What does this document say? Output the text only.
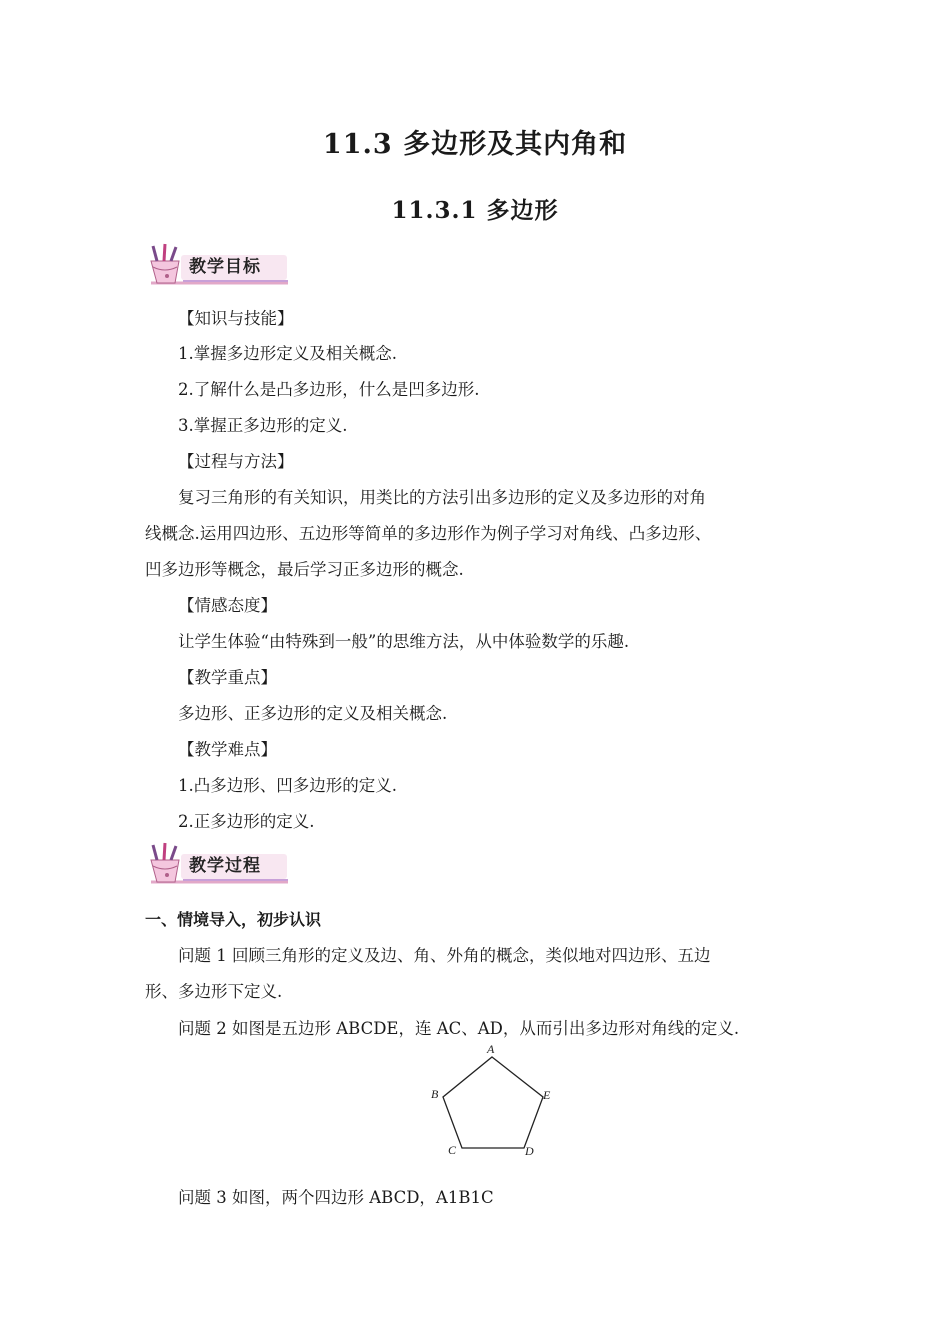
11.3 多边形及其内角和
11.3.1 多边形
教学目标

【知识与技能】

1.掌握多边形定义及相关概念.

2.了解什么是凸多边形，什么是凹多边形.

3.掌握正多边形的定义.

【过程与方法】

复习三角形的有关知识，用类比的方法引出多边形的定义及多边形的对角

线概念.运用四边形、五边形等简单的多边形作为例子学习对角线、凸多边形、

凹多边形等概念，最后学习正多边形的概念.

【情感态度】

让学生体验“由特殊到一般”的思维方法，从中体验数学的乐趣.

【教学重点】

多边形、正多边形的定义及相关概念.

【教学难点】

1.凸多边形、凹多边形的定义.

2.正多边形的定义.

教学过程

一、情境导入，初步认识

问题 1 回顾三角形的定义及边、角、外角的概念，类似地对四边形、五边

形、多边形下定义.

问题 2 如图是五边形 ABCDE，连 AC、AD，从而引出多边形对角线的定义.

A
B
C	D
E

问题 3 如图，两个四边形 ABCD，A1B1C
